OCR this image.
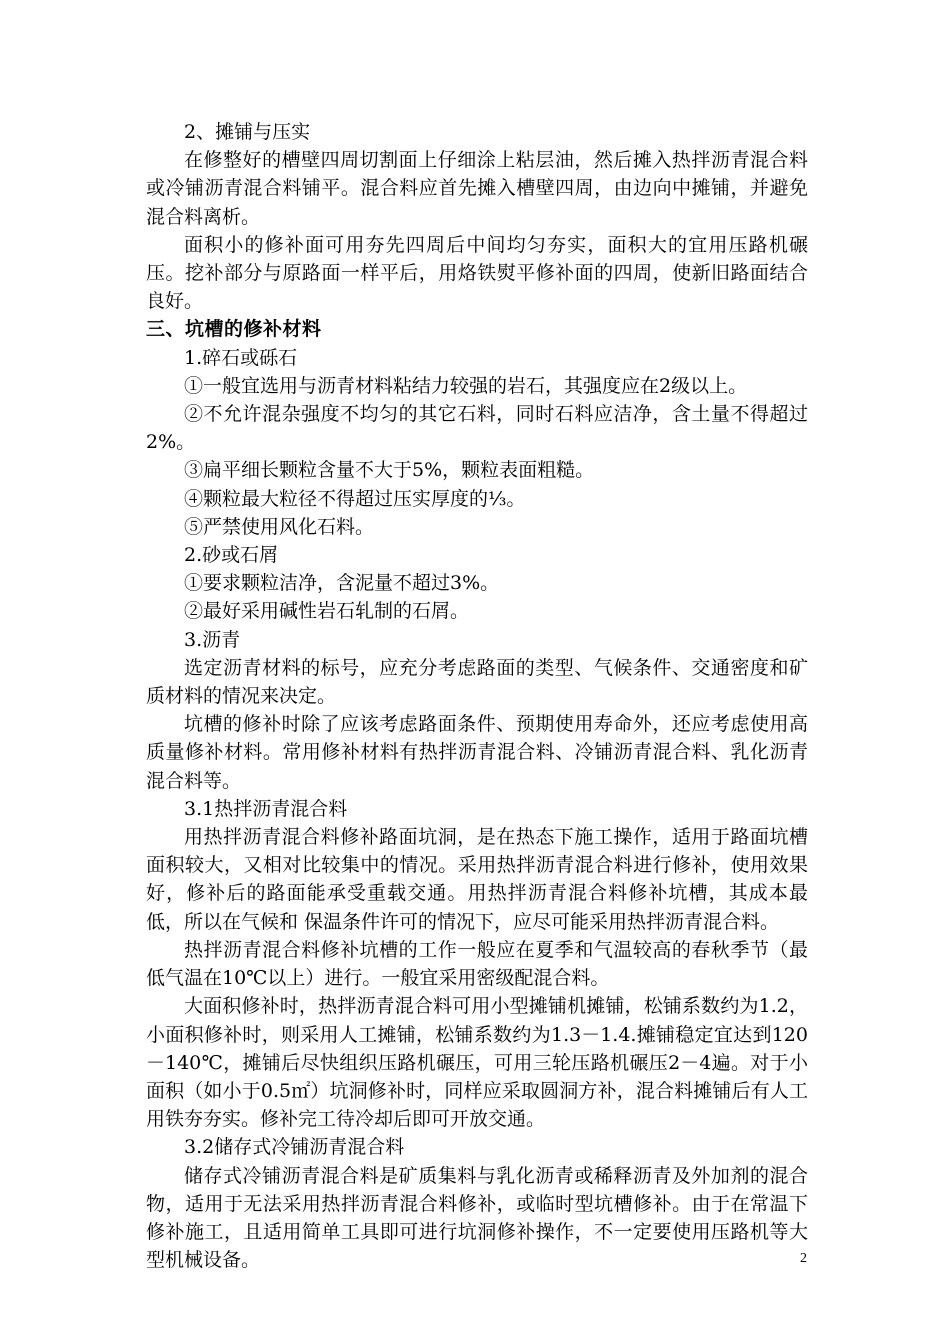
2、摊铺与压实

在修整好的槽壁四周切割面上仔细涂上粘层油，然后摊入热拌沥青混合料或冷铺沥青混合料铺平。混合料应首先摊入槽壁四周，由边向中摊铺，并避免混合料离析。

面积小的修补面可用夯先四周后中间均匀夯实，面积大的宜用压路机碾压。挖补部分与原路面一样平后，用烙铁熨平修补面的四周，使新旧路面结合良好。

三、坑槽的修补材料

1.碎石或砾石

①一般宜选用与沥青材料粘结力较强的岩石，其强度应在2级以上。

②不允许混杂强度不均匀的其它石料，同时石料应洁净，含土量不得超过2%。

③扁平细长颗粒含量不大于5%，颗粒表面粗糙。

④颗粒最大粒径不得超过压实厚度的⅓。

⑤严禁使用风化石料。

2.砂或石屑

①要求颗粒洁净，含泥量不超过3%。

②最好采用碱性岩石轧制的石屑。

3.沥青

选定沥青材料的标号，应充分考虑路面的类型、气候条件、交通密度和矿质材料的情况来决定。

坑槽的修补时除了应该考虑路面条件、预期使用寿命外，还应考虑使用高质量修补材料。常用修补材料有热拌沥青混合料、冷铺沥青混合料、乳化沥青混合料等。

3.1热拌沥青混合料

用热拌沥青混合料修补路面坑洞，是在热态下施工操作，适用于路面坑槽面积较大，又相对比较集中的情况。采用热拌沥青混合料进行修补，使用效果好，修补后的路面能承受重载交通。用热拌沥青混合料修补坑槽，其成本最低，所以在气候和 保温条件许可的情况下，应尽可能采用热拌沥青混合料。

热拌沥青混合料修补坑槽的工作一般应在夏季和气温较高的春秋季节（最低气温在10℃以上）进行。一般宜采用密级配混合料。

大面积修补时，热拌沥青混合料可用小型摊铺机摊铺，松铺系数约为1.2，小面积修补时，则采用人工摊铺，松铺系数约为1.3－1.4.摊铺稳定宜达到120－140℃，摊铺后尽快组织压路机碾压，可用三轮压路机碾压2－4遍。对于小面积（如小于0.5㎡）坑洞修补时，同样应采取圆洞方补，混合料摊铺后有人工用铁夯夯实。修补完工待冷却后即可开放交通。

3.2储存式冷铺沥青混合料

储存式冷铺沥青混合料是矿质集料与乳化沥青或稀释沥青及外加剂的混合物，适用于无法采用热拌沥青混合料修补，或临时型坑槽修补。由于在常温下修补施工，且适用简单工具即可进行坑洞修补操作，不一定要使用压路机等大型机械设备。	2
